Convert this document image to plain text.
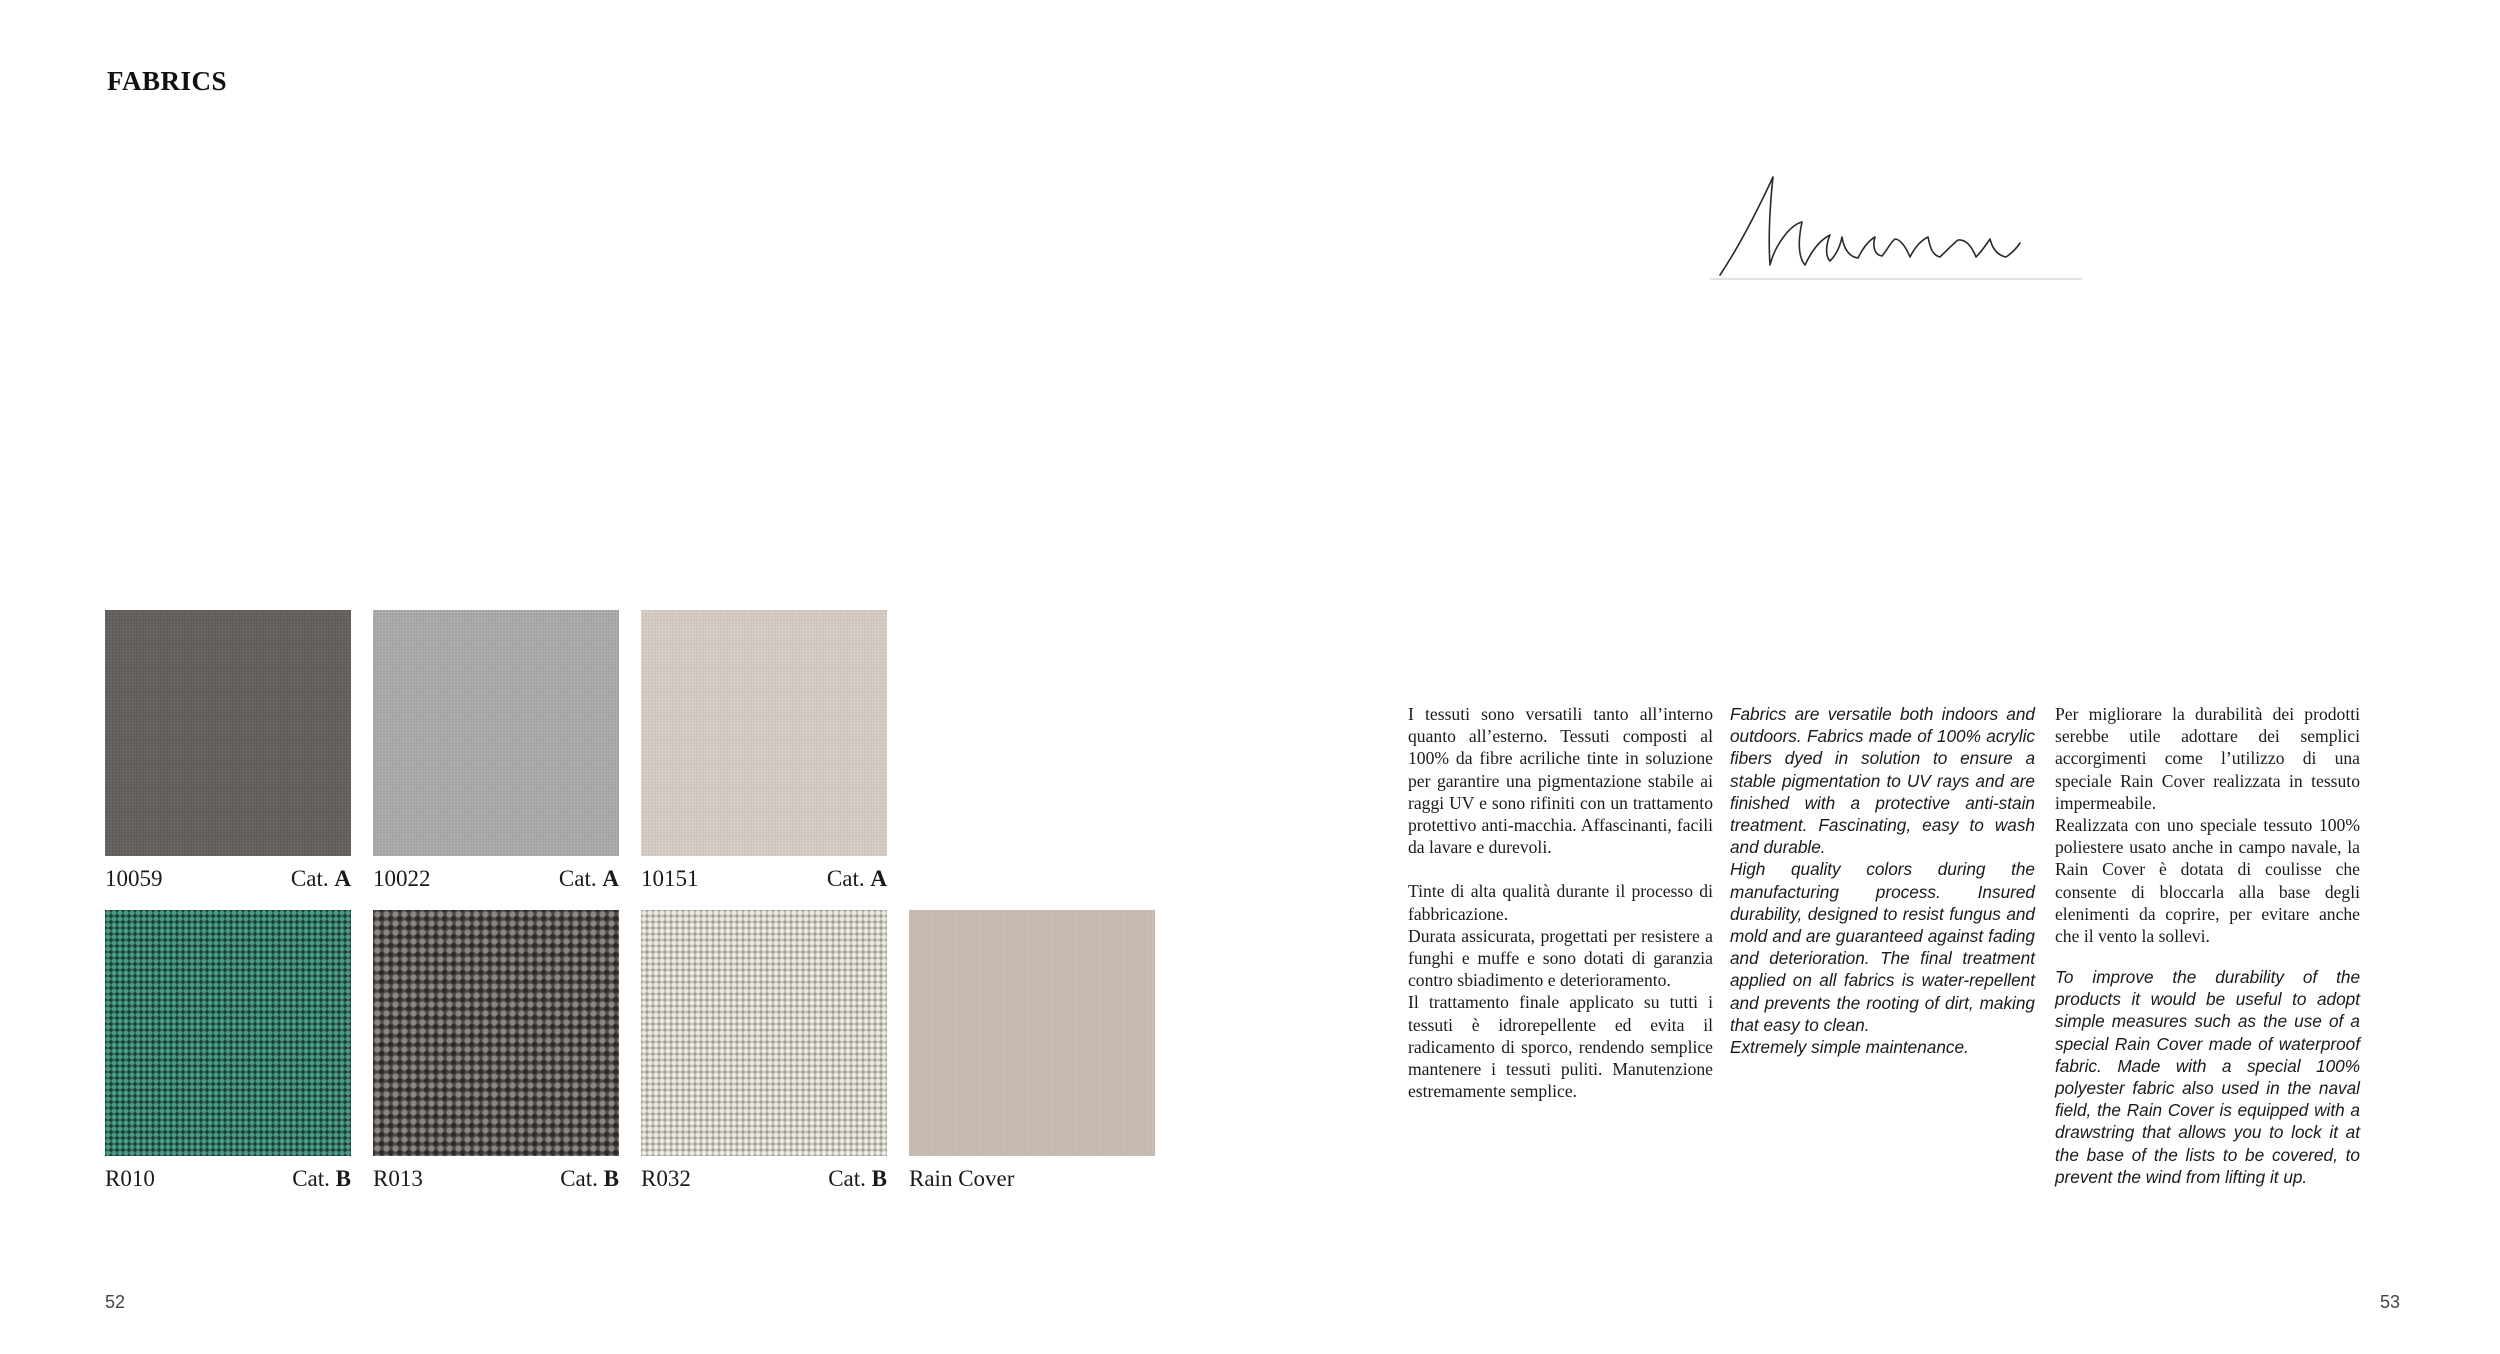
FABRICS
10059	Cat. A 10022	Cat. A 10151	Cat. A
R010	Cat. B R013	Cat. B R032	Cat. B Rain Cover

I tessuti sono versatili tanto all’interno quanto all’esterno. Tessuti composti al 100% da fibre acriliche tinte in soluzione per garantire una pigmentazione stabile ai raggi UV e sono rifiniti con un trattamento protettivo anti-macchia. Affascinanti, facili da lavare e durevoli.

Tinte di alta qualità durante il processo di fabbricazione.

Durata assicurata, progettati per resistere a funghi e muffe e sono dotati di garanzia contro sbiadimento e deterioramento.

Il trattamento finale applicato su tutti i tessuti è idrorepellente ed evita il radicamento di sporco, rendendo semplice mantenere i tessuti puliti. Manutenzione estremamente semplice.

Fabrics are versatile both indoors and outdoors. Fabrics made of 100% acrylic fibers dyed in solution to ensure a stable pigmentation to UV rays and are finished with a protective anti-stain treatment. Fascinating, easy to wash and durable.

High quality colors during the manufacturing process. Insured durability, designed to resist fungus and mold and are guaranteed against fading and deterioration. The final treatment applied on all fabrics is water-repellent and prevents the rooting of dirt, making that easy to clean.

Extremely simple maintenance.

Per migliorare la durabilità dei prodotti serebbe utile adottare dei semplici accorgimenti come l’utilizzo di una speciale Rain Cover realizzata in tessuto impermeabile.

Realizzata con uno speciale tessuto 100% poliestere usato anche in campo navale, la Rain Cover è dotata di coulisse che consente di bloccarla alla base degli elenimenti da coprire, per evitare anche che il vento la sollevi.

To improve the durability of the products it would be useful to adopt simple measures such as the use of a special Rain Cover made of waterproof fabric. Made with a special 100% polyester fabric also used in the naval field, the Rain Cover is equipped with a drawstring that allows you to lock it at the base of the lists to be covered, to prevent the wind from lifting it up.

52	53
